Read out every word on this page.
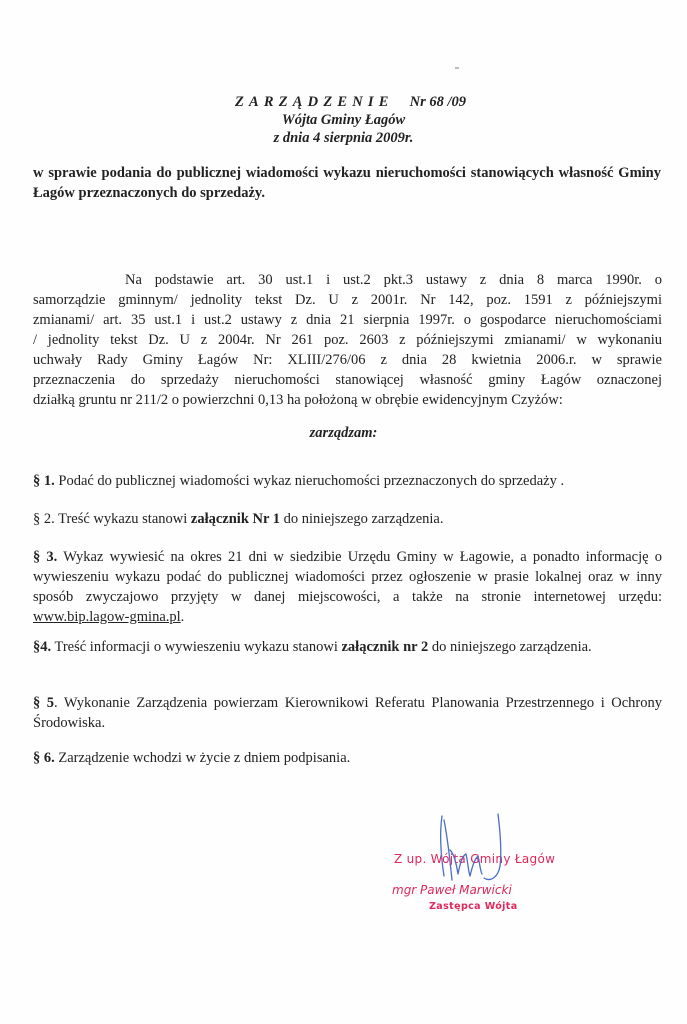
ZARZĄDZENIE Nr 68 /09
Wójta Gminy Łagów
z dnia 4 sierpnia 2009r.
w sprawie podania do publicznej wiadomości wykazu nieruchomości stanowiących własność Gminy Łagów przeznaczonych do sprzedaży.
Na podstawie art. 30 ust.1 i ust.2 pkt.3 ustawy z dnia 8 marca 1990r. o
samorządzie gminnym/ jednolity tekst Dz. U z 2001r. Nr 142, poz. 1591 z późniejszymi
zmianami/ art. 35 ust.1 i ust.2 ustawy z dnia 21 sierpnia 1997r. o gospodarce nieruchomościami
/ jednolity tekst Dz. U z 2004r. Nr 261 poz. 2603 z późniejszymi zmianami/ w wykonaniu
uchwały Rady Gminy Łagów Nr: XLIII/276/06 z dnia 28 kwietnia 2006.r. w sprawie
przeznaczenia do sprzedaży nieruchomości stanowiącej własność gminy Łagów oznaczonej
działką gruntu nr 211/2 o powierzchni 0,13 ha położoną w obrębie ewidencyjnym Czyżów:
zarządzam:
§ 1. Podać do publicznej wiadomości wykaz nieruchomości przeznaczonych do sprzedaży .
§ 2. Treść wykazu stanowi załącznik Nr 1 do niniejszego zarządzenia.
§ 3. Wykaz wywiesić na okres 21 dni w siedzibie Urzędu Gminy w Łagowie, a ponadto informację o wywieszeniu wykazu podać do publicznej wiadomości przez ogłoszenie w prasie lokalnej oraz w inny sposób zwyczajowo przyjęty w danej miejscowości, a także na stronie internetowej urzędu: www.bip.lagow-gmina.pl.
§4. Treść informacji o wywieszeniu wykazu stanowi załącznik nr 2 do niniejszego zarządzenia.
§ 5. Wykonanie Zarządzenia powierzam Kierownikowi Referatu Planowania Przestrzennego i Ochrony Środowiska.
§ 6. Zarządzenie wchodzi w życie z dniem podpisania.
Z up. Wójta Gminy Łagów
mgr Paweł Marwicki
Zastępca Wójta
